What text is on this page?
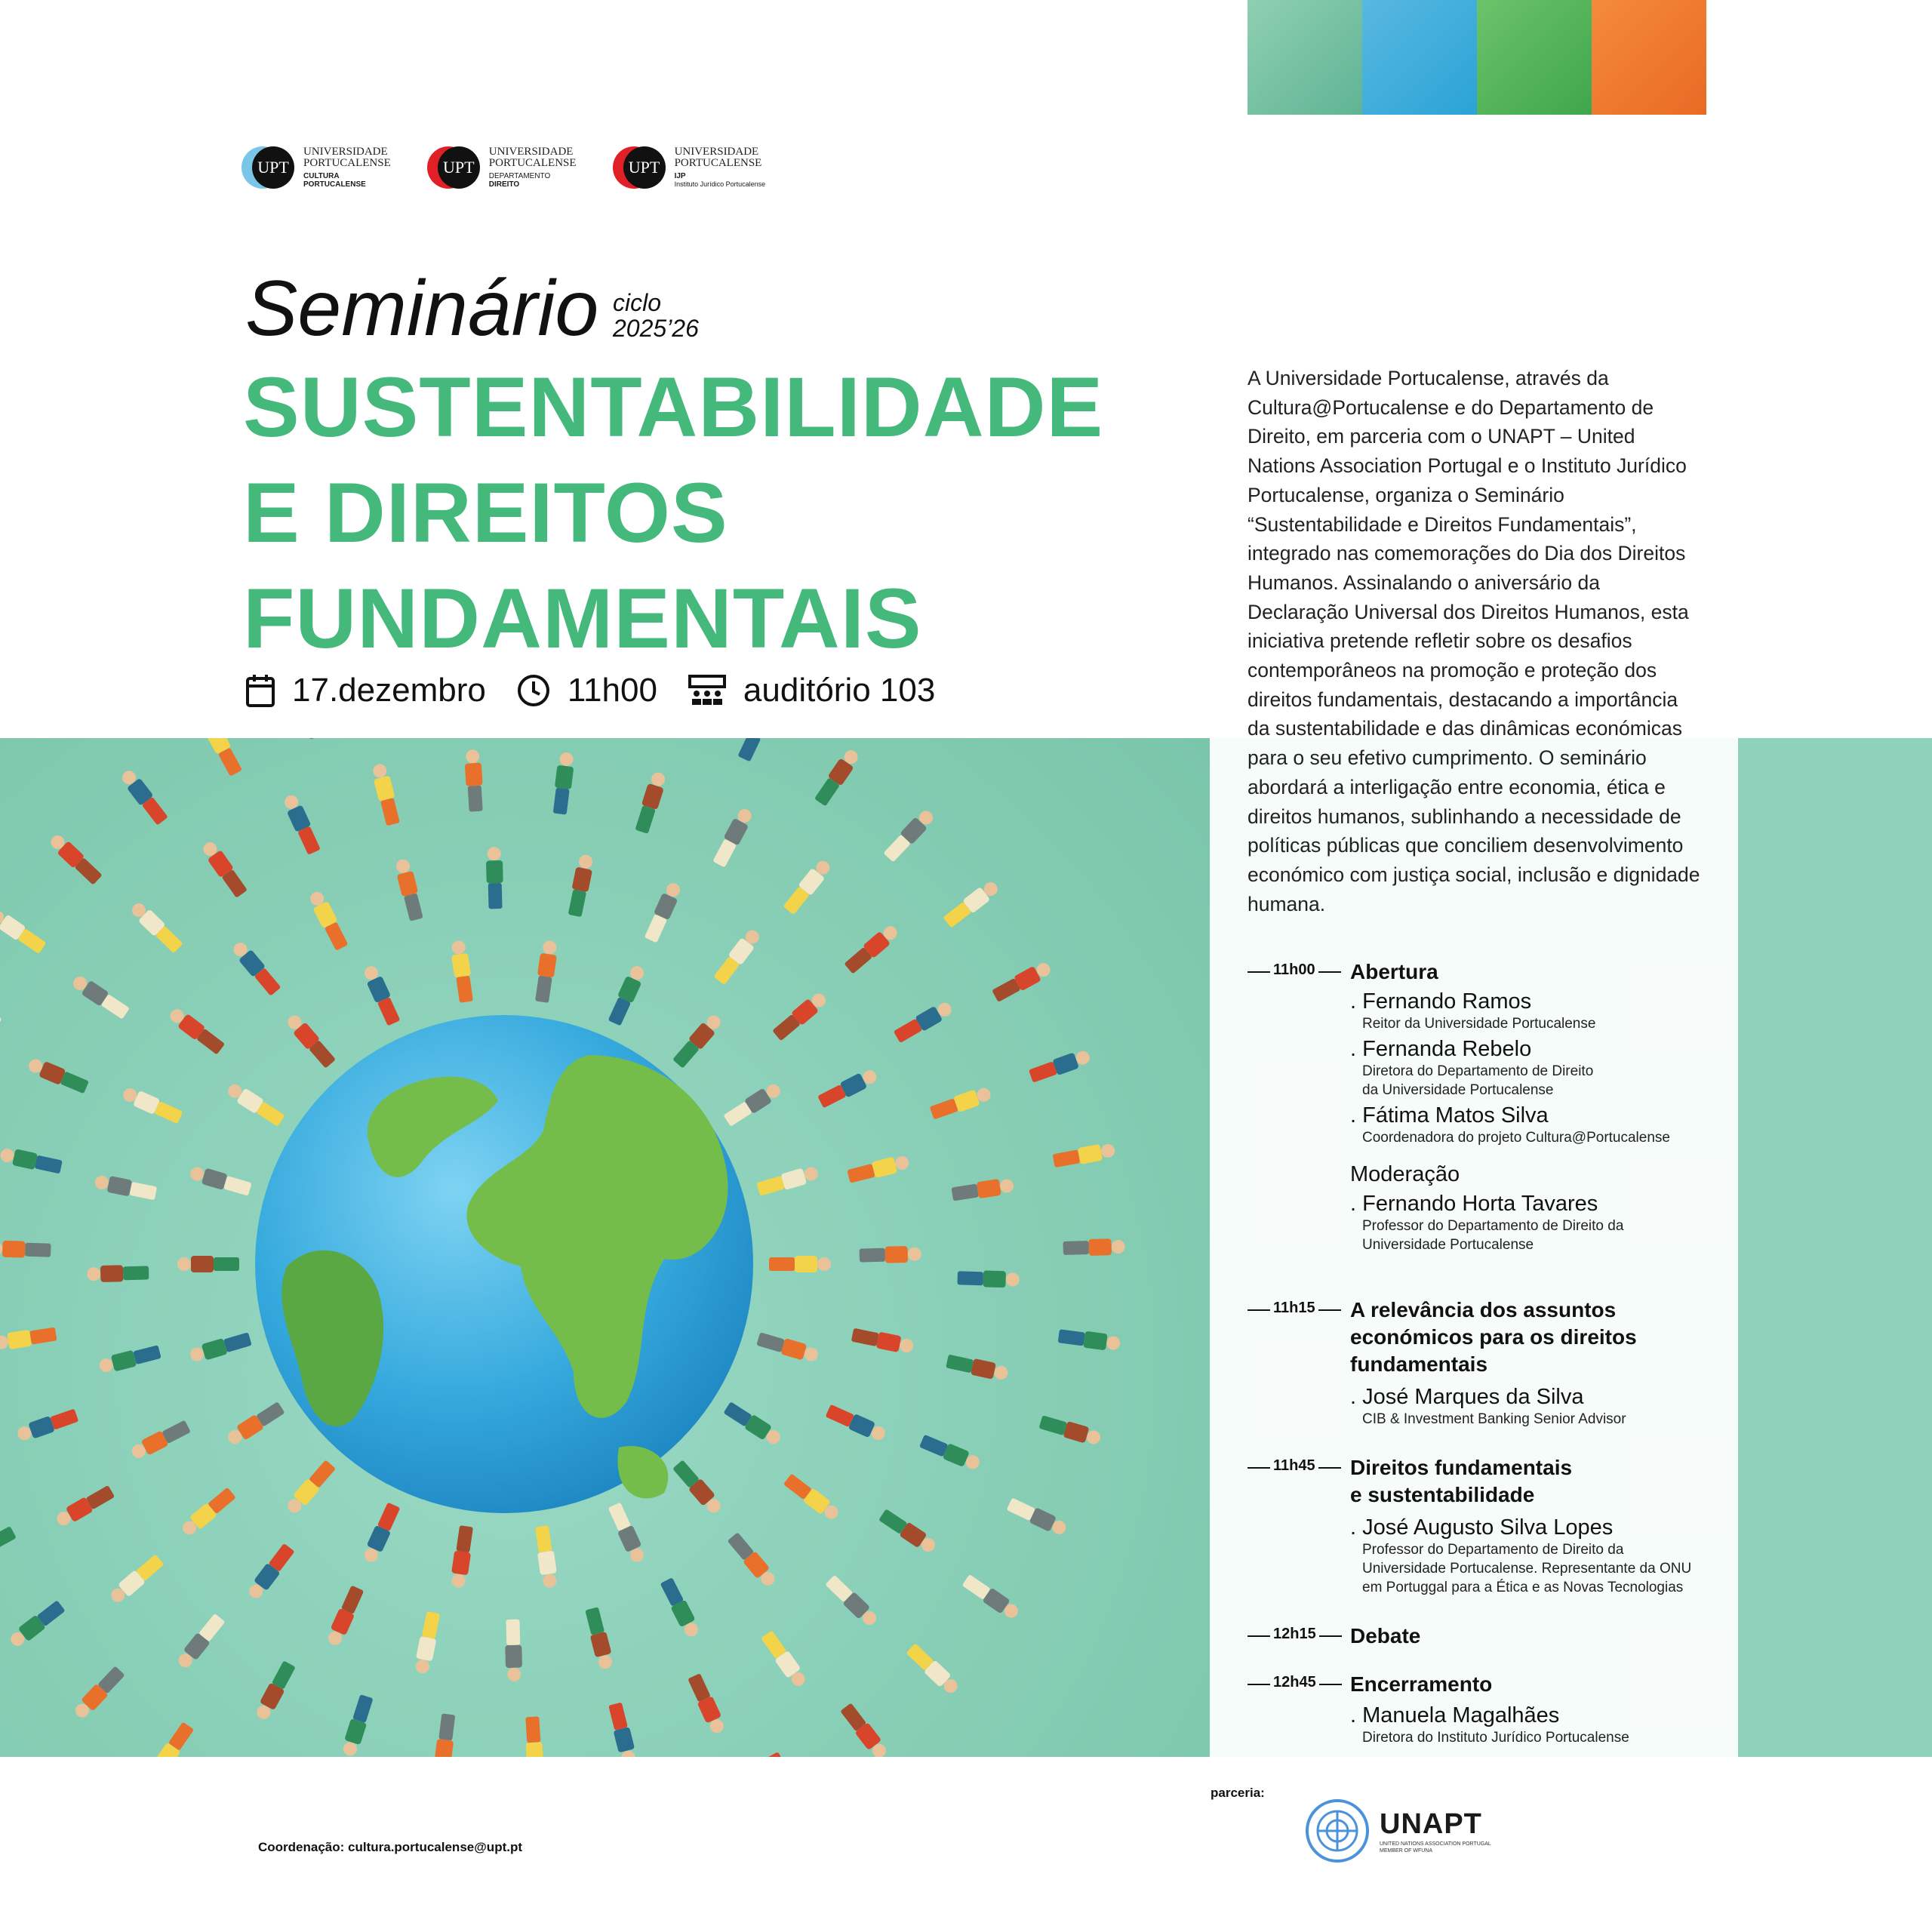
UPT
UNIVERSIDADE
PORTUCALENSE
CULTURA
PORTUCALENSE
UPT
UNIVERSIDADE
PORTUCALENSE
DEPARTAMENTO
DIREITO
UPT
UNIVERSIDADE
PORTUCALENSE
IJP
Instituto Jurídico Portucalense
Seminário ciclo
2025’26
SUSTENTABILIDADE
E DIREITOS
FUNDAMENTAIS
17.dezembro 11h00	auditório 103
A Universidade Portucalense, através da Cultura@Portucalense e do Departamento de Direito, em parceria com o UNAPT – United Nations Association Portugal e o Instituto Jurídico Portucalense, organiza o Seminário “Sustentabilidade e Direitos Fundamentais”, integrado nas comemorações do Dia dos Direitos Humanos. Assinalando o aniversário da Declaração Universal dos Direitos Humanos, esta iniciativa pretende refletir sobre os desafios contemporâneos na promoção e proteção dos direitos fundamentais, destacando a importância da sustentabilidade e das dinâmicas económicas para o seu efetivo cumprimento. O seminário abordará a interligação entre economia, ética e direitos humanos, sublinhando a necessidade de políticas públicas que conciliem desenvolvimento económico com justiça social, inclusão e dignidade humana.
11h00	Abertura
. Fernando Ramos
Reitor da Universidade Portucalense
. Fernanda Rebelo
Diretora do Departamento de Direito
da Universidade Portucalense
. Fátima Matos Silva
Coordenadora do projeto Cultura@Portucalense
Moderação
. Fernando Horta Tavares
Professor do Departamento de Direito da
Universidade Portucalense
11h15	A relevância dos assuntos
económicos para os direitos
fundamentais
. José Marques da Silva
CIB & Investment Banking Senior Advisor
11h45	Direitos fundamentais
e sustentabilidade
. José Augusto Silva Lopes
Professor do Departamento de Direito da
Universidade Portucalense. Representante da ONU
em Portuggal para a Ética e as Novas Tecnologias
12h15	Debate
12h45	Encerramento
. Manuela Magalhães
Diretora do Instituto Jurídico Portucalense
parceria:
UNAPT
UNITED NATIONS ASSOCIATION PORTUGAL
MEMBER OF WFUNA
Coordenação: cultura.portucalense@upt.pt
